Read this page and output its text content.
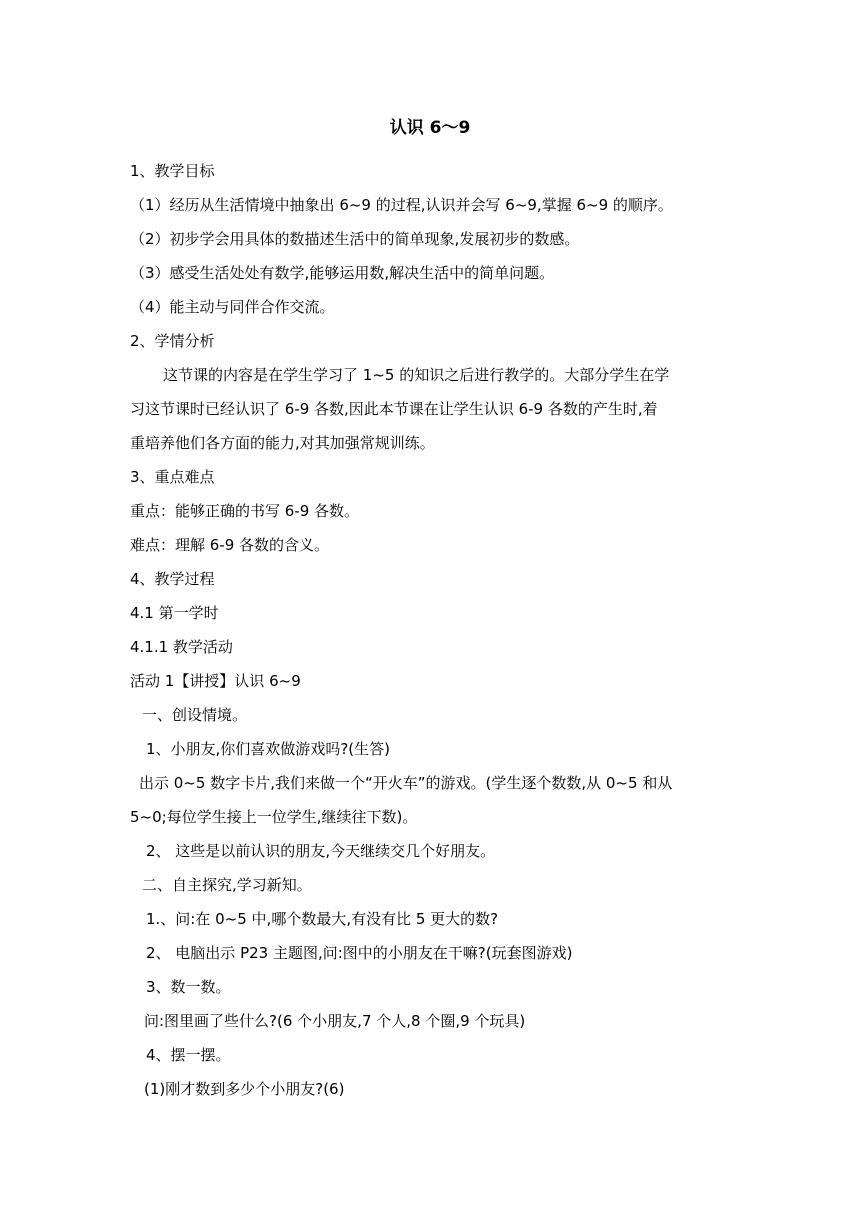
认识 6～9
1、教学目标
（1）经历从生活情境中抽象出 6~9 的过程,认识并会写 6~9,掌握 6~9 的顺序。
（2）初步学会用具体的数描述生活中的简单现象,发展初步的数感。
（3）感受生活处处有数学,能够运用数,解决生活中的简单问题。
（4）能主动与同伴合作交流。
2、学情分析
这节课的内容是在学生学习了 1~5 的知识之后进行教学的。大部分学生在学
习这节课时已经认识了 6-9 各数,因此本节课在让学生认识 6-9 各数的产生时,着
重培养他们各方面的能力,对其加强常规训练。
3、重点难点
重点：能够正确的书写 6-9 各数。
难点：理解 6-9 各数的含义。
4、教学过程
4.1 第一学时
4.1.1 教学活动
活动 1【讲授】认识 6~9
一、创设情境。
1、小朋友,你们喜欢做游戏吗?(生答)
出示 0~5 数字卡片,我们来做一个“开火车”的游戏。(学生逐个数数,从 0~5 和从
5~0;每位学生接上一位学生,继续往下数)。
2、 这些是以前认识的朋友,今天继续交几个好朋友。
二、自主探究,学习新知。
1.、问:在 0~5 中,哪个数最大,有没有比 5 更大的数?
2、 电脑出示 P23 主题图,问:图中的小朋友在干嘛?(玩套图游戏)
3、数一数。
问:图里画了些什么?(6 个小朋友,7 个人,8 个圈,9 个玩具)
4、摆一摆。
(1)刚才数到多少个小朋友?(6)
